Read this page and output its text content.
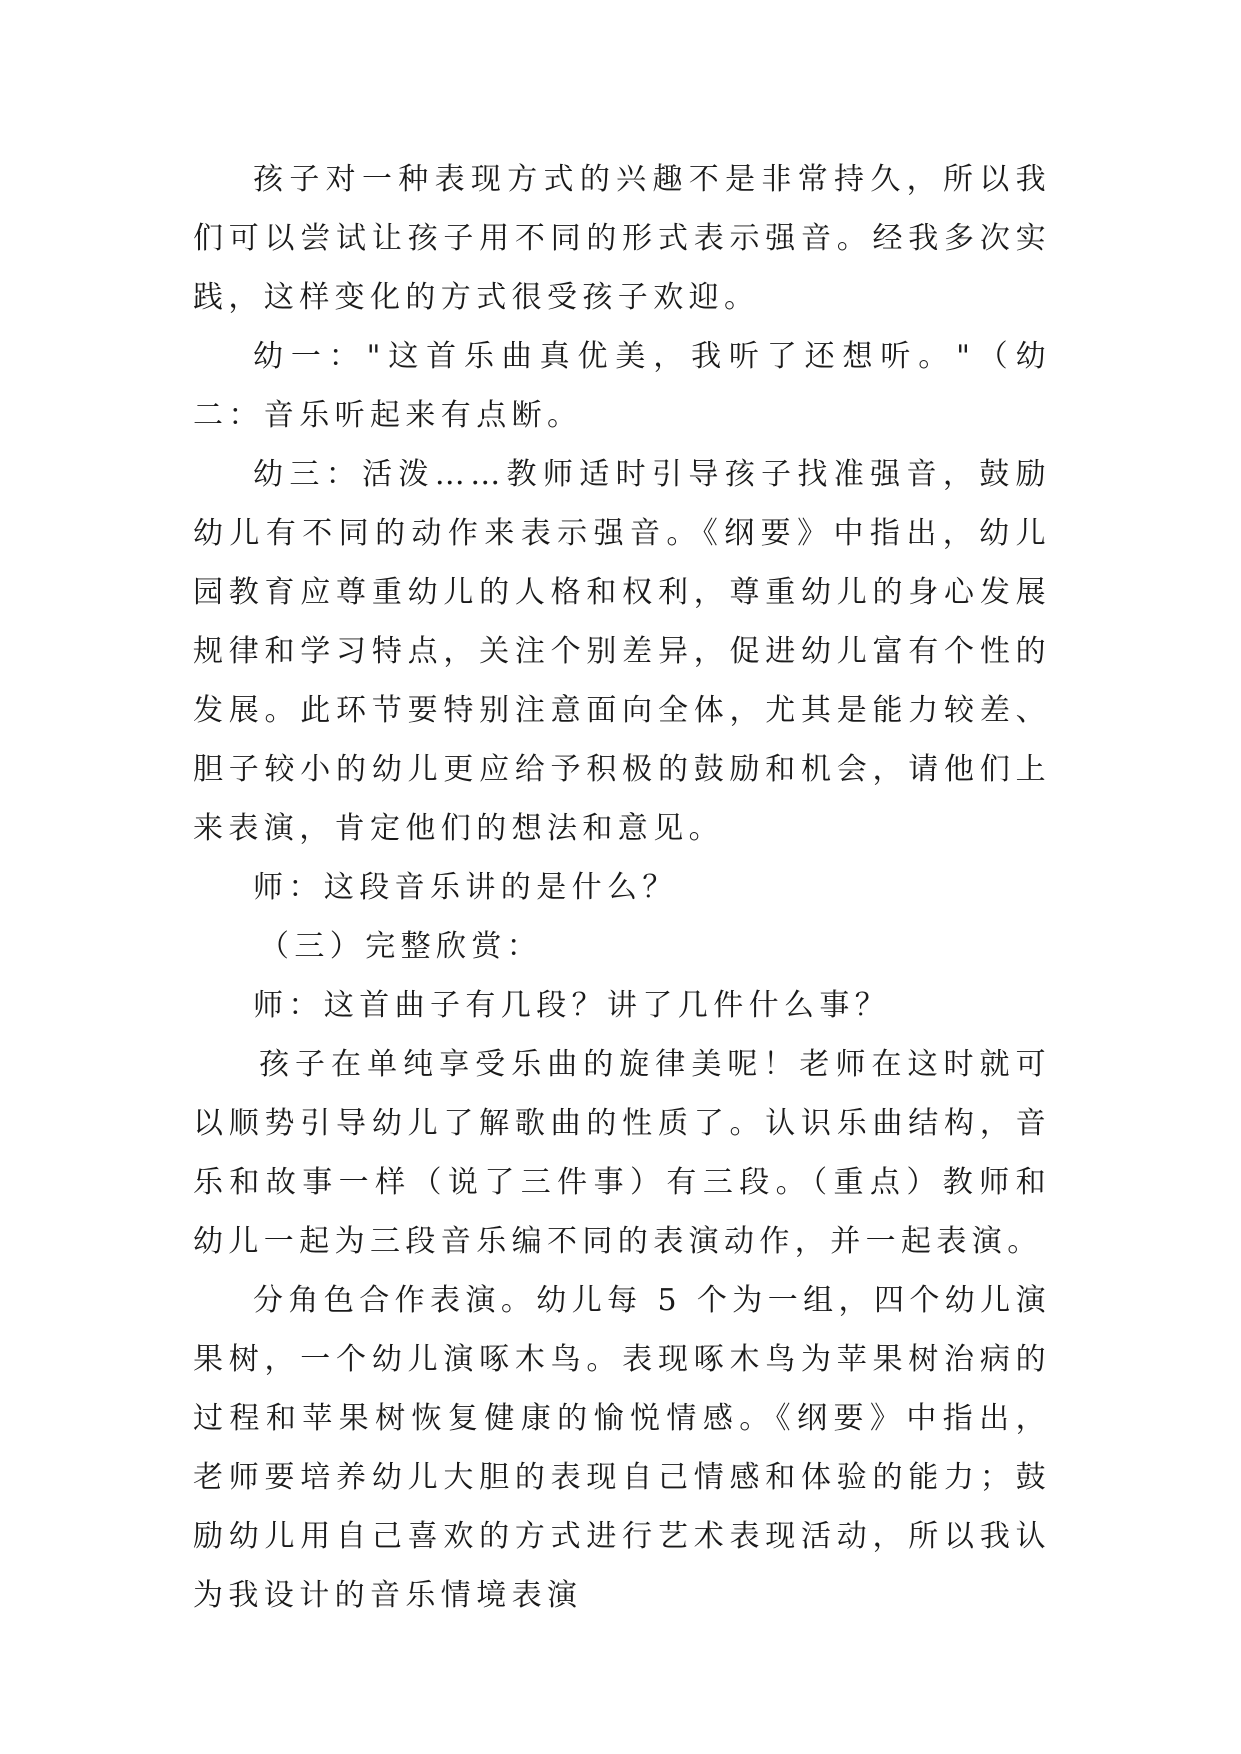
孩子对一种表现方式的兴趣不是非常持久，所以我们可以尝试让孩子用不同的形式表示强音。经我多次实践，这样变化的方式很受孩子欢迎。

幼一："这首乐曲真优美，我听了还想听。"（幼二：音乐听起来有点断。

幼三：活泼……教师适时引导孩子找准强音，鼓励幼儿有不同的动作来表示强音。《纲要》中指出，幼儿园教育应尊重幼儿的人格和权利，尊重幼儿的身心发展规律和学习特点，关注个别差异，促进幼儿富有个性的发展。此环节要特别注意面向全体，尤其是能力较差、胆子较小的幼儿更应给予积极的鼓励和机会，请他们上来表演，肯定他们的想法和意见。

师：这段音乐讲的是什么？

（三）完整欣赏：

师：这首曲子有几段？讲了几件什么事？

孩子在单纯享受乐曲的旋律美呢！老师在这时就可以顺势引导幼儿了解歌曲的性质了。认识乐曲结构，音乐和故事一样（说了三件事）有三段。（重点）教师和幼儿一起为三段音乐编不同的表演动作，并一起表演。

分角色合作表演。幼儿每 5 个为一组，四个幼儿演果树，一个幼儿演啄木鸟。表现啄木鸟为苹果树治病的过程和苹果树恢复健康的愉悦情感。《纲要》中指出，老师要培养幼儿大胆的表现自己情感和体验的能力；鼓励幼儿用自己喜欢的方式进行艺术表现活动，所以我认为我设计的音乐情境表演
